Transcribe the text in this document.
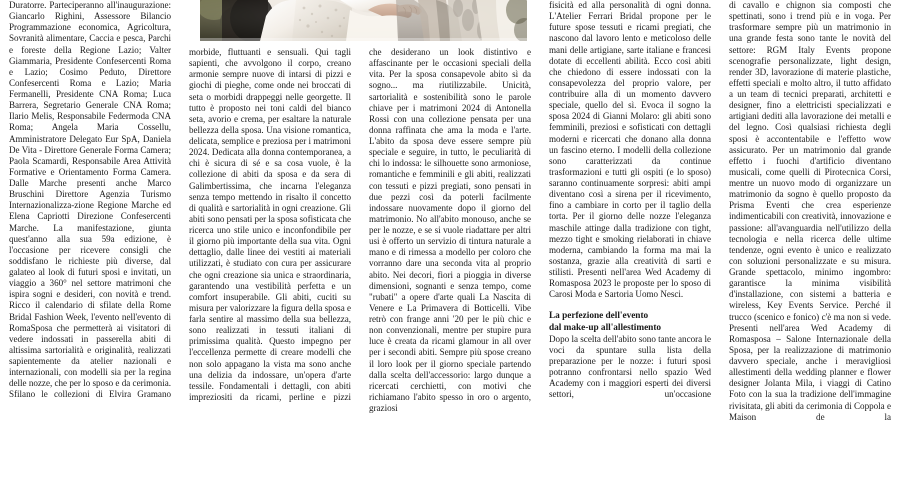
Duratorre. Parteciperanno all'inaugurazione: Giancarlo Righini, Assessore Bilancio Programmazione economica, Agricoltura, Sovranità alimentare, Caccia e pesca, Parchi e foreste della Regione Lazio; Valter Giammaria, Presidente Confesercenti Roma e Lazio; Cosimo Peduto, Direttore Confesercenti Roma e Lazio; Maria Fermanelli, Presidente CNA Roma; Luca Barrera, Segretario Generale CNA Roma; Ilario Melis, Responsabile Federmoda CNA Roma; Angela Maria Cossellu, Amministratore Delegato Eur SpA, Daniela De Vita - Direttore Generale Forma Camera; Paola Scamardi, Responsabile Area Attività Formative e Orientamento Forma Camera. Dalle Marche presenti anche Marco Bruschini Direttore Agenzia Turismo Internazionalizza-zione Regione Marche ed Elena Capriotti Direzione Confesercenti Marche. La manifestazione, giunta quest'anno alla sua 59a edizione, è l'occasione per ricevere consigli che soddisfano le richieste più diverse, dal galateo al look di futuri sposi e invitati, un viaggio a 360° nel settore matrimoni che ispira sogni e desideri, con novità e trend. Ricco il calendario di sfilate della Rome Bridal Fashion Week, l'evento nell'evento di RomaSposa che permetterà ai visitatori di vedere indossati in passerella abiti di altissima sartorialità e originalità, realizzati sapientemente da atelier nazionali e internazionali, con modelli sia per la regina delle nozze, che per lo sposo e da cerimonia. Sfilano le collezioni di Elvira Gramano

morbide, fluttuanti e sensuali. Qui tagli sapienti, che avvolgono il corpo, creano armonie sempre nuove di intarsi di pizzi e giochi di pieghe, come onde nei broccati di seta o morbidi drappeggi nelle georgette. Il tutto è proposto nei toni caldi del bianco seta, avorio e crema, per esaltare la naturale bellezza della sposa. Una visione romantica, delicata, semplice e preziosa per i matrimoni 2024. Dedicata alla donna contemporanea, a chi è sicura di sé e sa cosa vuole, è la collezione di abiti da sposa e da sera di Galimbertissima, che incarna l'eleganza senza tempo mettendo in risalto il concetto di qualità e sartorialità in ogni creazione. Gli abiti sono pensati per la sposa sofisticata che ricerca uno stile unico e inconfondibile per il giorno più importante della sua vita. Ogni dettaglio, dalle linee dei vestiti ai materiali utilizzati, è studiato con cura per assicurare che ogni creazione sia unica e straordinaria, garantendo una vestibilità perfetta e un comfort insuperabile. Gli abiti, cuciti su misura per valorizzare la figura della sposa e farla sentire al massimo della sua bellezza, sono realizzati in tessuti italiani di primissima qualità. Questo impegno per l'eccellenza permette di creare modelli che non solo appagano la vista ma sono anche una delizia da indossare, un'opera d'arte tessile. Fondamentali i dettagli, con abiti impreziositi da ricami, perline e pizzi

che desiderano un look distintivo e affascinante per le occasioni speciali della vita. Per la sposa consapevole abito sì da sogno... ma riutilizzabile. Unicità, sartorialità e sostenibilità sono le parole chiave per i matrimoni 2024 di Antonella Rossi con una collezione pensata per una donna raffinata che ama la moda e l'arte. L'abito da sposa deve essere sempre più speciale e seguire, in tutto, le peculiarità di chi lo indossa: le silhouette sono armoniose, romantiche e femminili e gli abiti, realizzati con tessuti e pizzi pregiati, sono pensati in due pezzi così da poterli facilmente indossare nuovamente dopo il giorno del matrimonio. No all'abito monouso, anche se per le nozze, e se si vuole riadattare per altri usi è offerto un servizio di tintura naturale a mano e di rimessa a modello per coloro che vorranno dare una seconda vita al proprio abito. Nei decori, fiori a pioggia in diverse dimensioni, sognanti e senza tempo, come "rubati" a opere d'arte quali La Nascita di Venere e La Primavera di Botticelli. Vibe retrò con frange anni '20 per le più chic e non convenzionali, mentre per stupire pura luce è creata da ricami glamour in all over per i secondi abiti. Sempre più spose creano il loro look per il giorno speciale partendo dalla scelta dell'accessorio: largo dunque a ricercati cerchietti, con motivi che richiamano l'abito spesso in oro o argento, graziosi

fisicità ed alla personalità di ogni donna. L'Atelier Ferrari Bridal propone per le future spose tessuti e ricami pregiati, che nascono dal lavoro lento e meticoloso delle mani delle artigiane, sarte italiane e francesi dotate di eccellenti abilità. Ecco così abiti che chiedono di essere indossati con la consapevolezza del proprio valore, per contribuire alla di un momento davvero speciale, quello del sì. Evoca il sogno la sposa 2024 di Gianni Molaro: gli abiti sono femminili, preziosi e sofisticati con dettagli moderni e ricercati che donano alla donna un fascino eterno. I modelli della collezione sono caratterizzati da continue trasformazioni e tutti gli ospiti (e lo sposo) saranno continuamente sorpresi: abiti ampi diventano così a sirena per il ricevimento, fino a cambiare in corto per il taglio della torta. Per il giorno delle nozze l'eleganza maschile attinge dalla tradizione con tight, mezzo tight e smoking rielaborati in chiave moderna, cambiando la forma ma mai la sostanza, grazie alla creatività di sarti e stilisti. Presenti nell'area Wed Academy di Romasposa 2023 le proposte per lo sposo di Carosi Moda e Sartoria Uomo Nesci.

La perfezione dell'evento
dal make-up all'allestimento

Dopo la scelta dell'abito sono tante ancora le voci da spuntare sulla lista della preparazione per le nozze: i futuri sposi potranno confrontarsi nello spazio Wed Academy con i maggiori esperti dei diversi settori, un'occasione

di cavallo e chignon sia composti che spettinati, sono i trend più e in voga. Per trasformare sempre più un matrimonio in una grande festa sono tante le novità del settore: RGM Italy Events propone scenografie personalizzate, light design, render 3D, lavorazione di materie plastiche, effetti speciali e molto altro, il tutto affidato a un team di tecnici preparati, architetti e designer, fino a elettricisti specializzati e artigiani dediti alla lavorazione dei metalli e del legno. Così qualsiasi richiesta degli sposi è accontentabile e l'effetto wow assicurato. Per un matrimonio dal grande effetto i fuochi d'artificio diventano musicali, come quelli di Pirotecnica Corsi, mentre un nuovo modo di organizzare un matrimonio da sogno è quello proposto da Prisma Eventi che crea esperienze indimenticabili con creatività, innovazione e passione: all'avanguardia nell'utilizzo della tecnologia e nella ricerca delle ultime tendenze, ogni evento è unico e realizzato con soluzioni personalizzate e su misura. Grande spettacolo, minimo ingombro: garantisce la minima visibilità d'installazione, con sistemi a batteria e wireless, Key Events Service. Perché il trucco (scenico e fonico) c'è ma non si vede. Presenti nell'area Wed Academy di Romasposa – Salone Internazionale della Sposa, per la realizzazione di matrimonio davvero speciale, anche i meravigliosi allestimenti della wedding planner e flower designer Jolanta Mila, i viaggi di Catino Foto con la sua la tradizione dell'immagine rivisitata, gli abiti da cerimonia di Coppola e Maison de la
